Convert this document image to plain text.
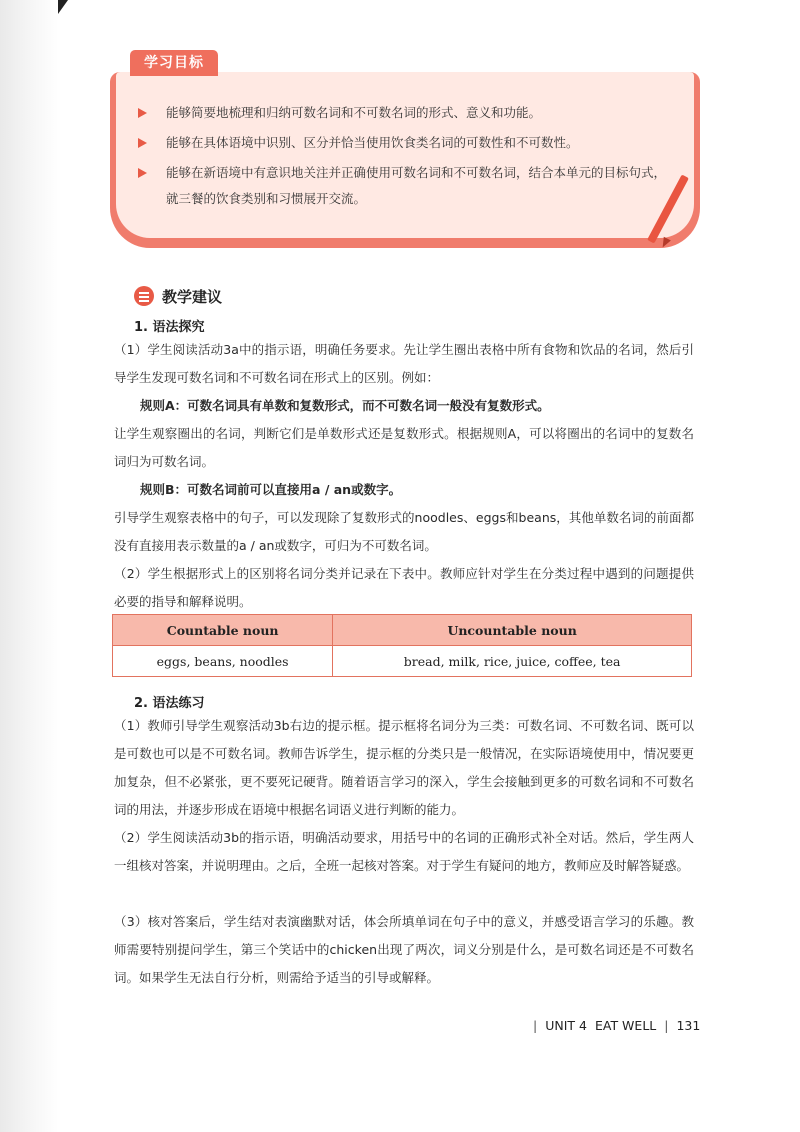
学习目标
能够简要地梳理和归纳可数名词和不可数名词的形式、意义和功能。
能够在具体语境中识别、区分并恰当使用饮食类名词的可数性和不可数性。
能够在新语境中有意识地关注并正确使用可数名词和不可数名词，结合本单元的目标句式，就三餐的饮食类别和习惯展开交流。
教学建议
1. 语法探究

（1）学生阅读活动3a中的指示语，明确任务要求。先让学生圈出表格中所有食物和饮品的名词，然后引导学生发现可数名词和不可数名词在形式上的区别。例如：

规则A：可数名词具有单数和复数形式，而不可数名词一般没有复数形式。

让学生观察圈出的名词，判断它们是单数形式还是复数形式。根据规则A，可以将圈出的名词中的复数名词归为可数名词。

规则B：可数名词前可以直接用a / an或数字。

引导学生观察表格中的句子，可以发现除了复数形式的noodles、eggs和beans，其他单数名词的前面都没有直接用表示数量的a / an或数字，可归为不可数名词。

（2）学生根据形式上的区别将名词分类并记录在下表中。教师应针对学生在分类过程中遇到的问题提供必要的指导和解释说明。

Countable noun	Uncountable noun
eggs, beans, noodles	bread, milk, rice, juice, coffee, tea
2. 语法练习

（1）教师引导学生观察活动3b右边的提示框。提示框将名词分为三类：可数名词、不可数名词、既可以是可数也可以是不可数名词。教师告诉学生，提示框的分类只是一般情况，在实际语境使用中，情况要更加复杂，但不必紧张，更不要死记硬背。随着语言学习的深入，学生会接触到更多的可数名词和不可数名词的用法，并逐步形成在语境中根据名词语义进行判断的能力。

（2）学生阅读活动3b的指示语，明确活动要求，用括号中的名词的正确形式补全对话。然后，学生两人一组核对答案，并说明理由。之后，全班一起核对答案。对于学生有疑问的地方，教师应及时解答疑惑。

（3）核对答案后，学生结对表演幽默对话，体会所填单词在句子中的意义，并感受语言学习的乐趣。教师需要特别提问学生，第三个笑话中的chicken出现了两次，词义分别是什么，是可数名词还是不可数名词。如果学生无法自行分析，则需给予适当的引导或解释。

| UNIT 4 EAT WELL | 131
